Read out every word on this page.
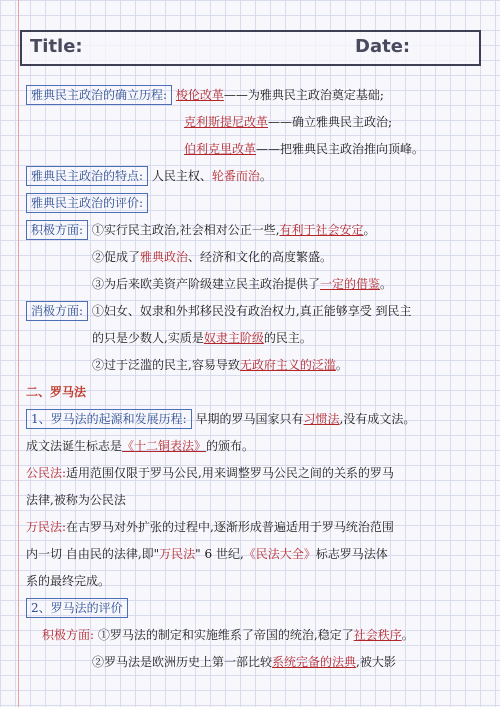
Title:	Date:
雅典民主政治的确立历程: 梭伦改革——为雅典民主政治奠定基础;
克利斯提尼改革——确立雅典民主政治;
伯利克里改革——把雅典民主政治推向顶峰。
雅典民主政治的特点: 人民主权、轮番而治。
雅典民主政治的评价:
积极方面: ①实行民主政治,社会相对公正一些,有利于社会安定。
②促成了雅典政治、经济和文化的高度繁盛。
③为后来欧美资产阶级建立民主政治提供了一定的借鉴。
消极方面: ①妇女、奴隶和外邦移民没有政治权力,真正能够享受 到民主
的只是少数人,实质是奴隶主阶级的民主。
②过于泛滥的民主,容易导致无政府主义的泛滥。
二、罗马法
1、罗马法的起源和发展历程: 早期的罗马国家只有习惯法,没有成文法。
成文法诞生标志是《十二铜表法》的颁布。
公民法:适用范围仅限于罗马公民,用来调整罗马公民之间的关系的罗马
法律,被称为公民法
万民法:在古罗马对外扩张的过程中,逐渐形成普遍适用于罗马统治范围
内一切 自由民的法律,即"万民法" 6 世纪,《民法大全》标志罗马法体
系的最终完成。
2、罗马法的评价
积极方面: ①罗马法的制定和实施维系了帝国的统治,稳定了社会秩序。
②罗马法是欧洲历史上第一部比较系统完备的法典,被大影
